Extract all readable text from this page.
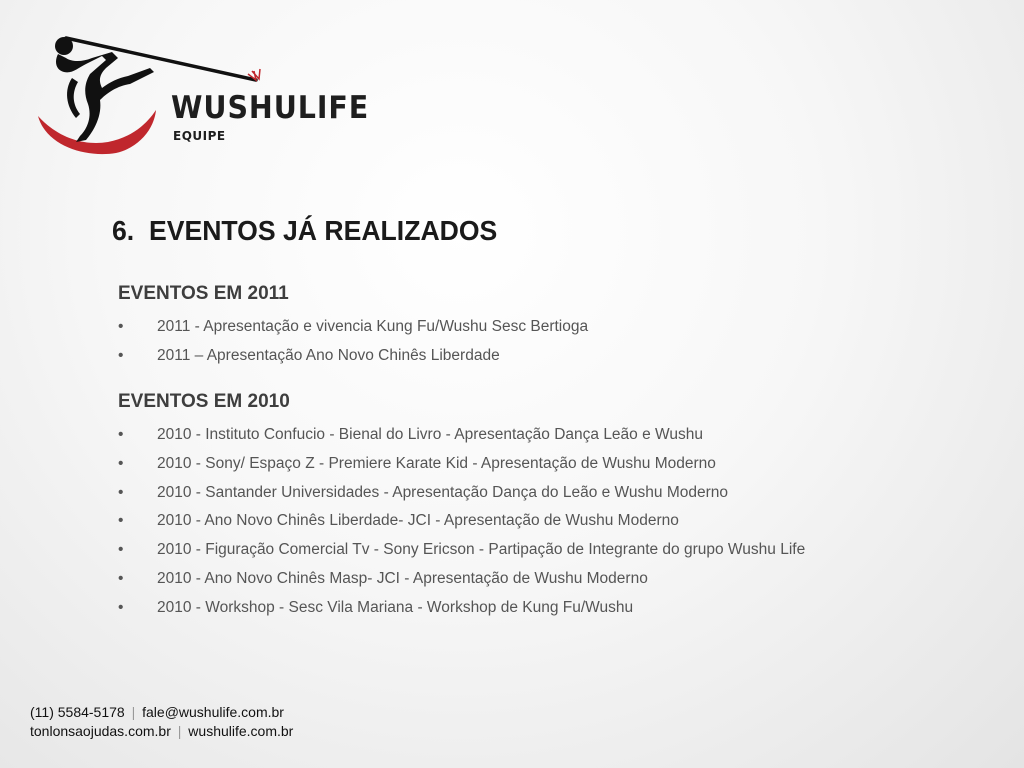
WUSHULIFE
EQUIPE
6. EVENTOS JÁ REALIZADOS
EVENTOS EM 2011
• 2011 - Apresentação e vivencia Kung Fu/Wushu Sesc Bertioga
• 2011 – Apresentação Ano Novo Chinês Liberdade
EVENTOS EM 2010
• 2010 - Instituto Confucio - Bienal do Livro - Apresentação Dança Leão e Wushu
• 2010 - Sony/ Espaço Z - Premiere Karate Kid - Apresentação de Wushu Moderno
• 2010 - Santander Universidades - Apresentação Dança do Leão e Wushu Moderno
• 2010 - Ano Novo Chinês Liberdade- JCI - Apresentação de Wushu Moderno
• 2010 - Figuração Comercial Tv - Sony Ericson - Partipação de Integrante do grupo Wushu Life
• 2010 - Ano Novo Chinês Masp- JCI - Apresentação de Wushu Moderno
• 2010 - Workshop - Sesc Vila Mariana - Workshop de Kung Fu/Wushu
(11) 5584-5178 | fale@wushulife.com.br
tonlonsaojudas.com.br | wushulife.com.br
